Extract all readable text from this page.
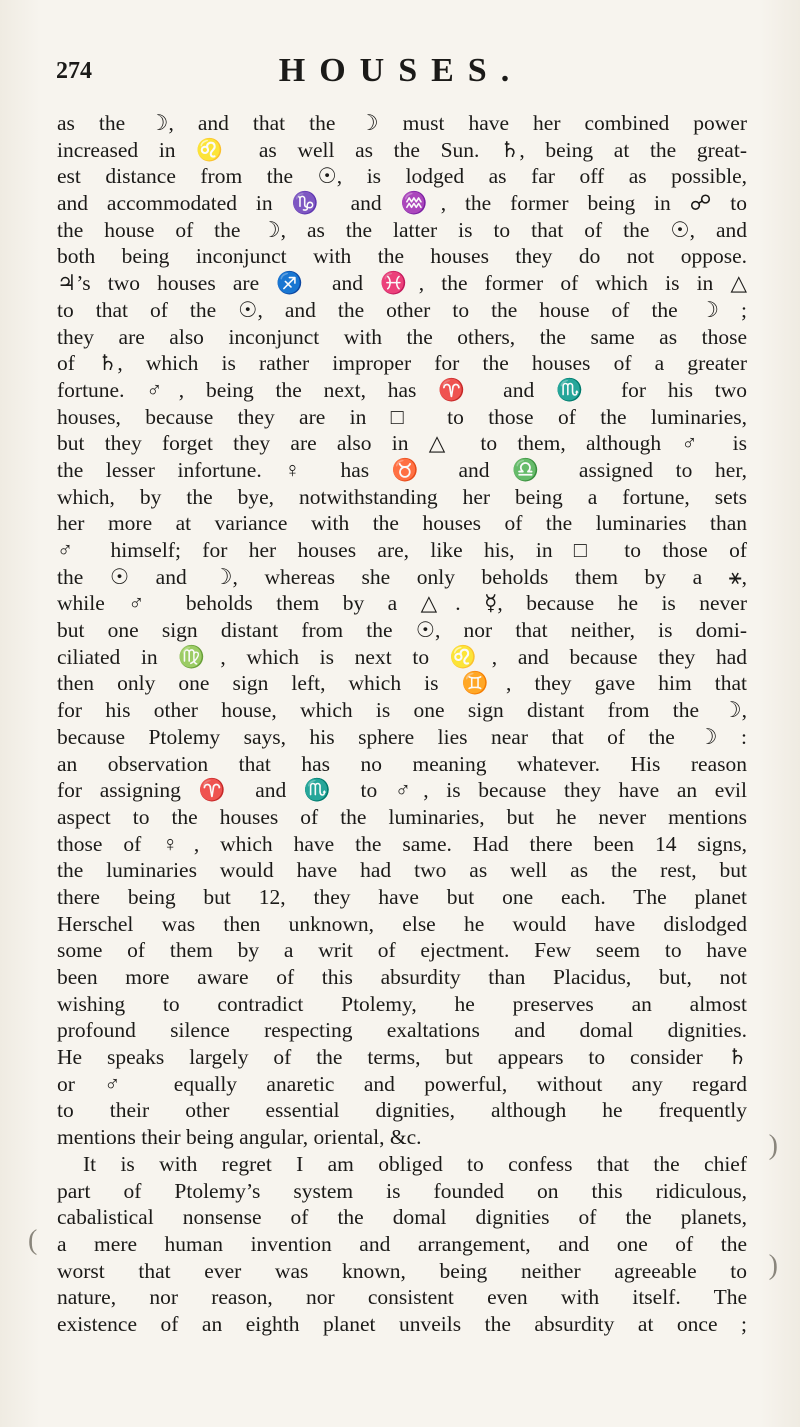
274	HOUSES.
as the ☽, and that the ☽ must have her combined power
increased in ♌ as well as the Sun. ♄, being at the great-
est distance from the ☉, is lodged as far off as possible,
and accommodated in ♑ and ♒, the former being in ☍ to
the house of the ☽, as the latter is to that of the ☉, and
both being inconjunct with the houses they do not oppose.
♃’s two houses are ♐ and ♓, the former of which is in △
to that of the ☉, and the other to the house of the ☽ ;
they are also inconjunct with the others, the same as those
of ♄, which is rather improper for the houses of a greater
fortune. ♂, being the next, has ♈ and ♏ for his two
houses, because they are in □ to those of the luminaries,
but they forget they are also in △ to them, although ♂ is
the lesser infortune. ♀ has ♉ and ♎ assigned to her,
which, by the bye, notwithstanding her being a fortune, sets
her more at variance with the houses of the luminaries than
♂ himself; for her houses are, like his, in □ to those of
the ☉ and ☽, whereas she only beholds them by a ⚹,
while ♂ beholds them by a △. ☿, because he is never
but one sign distant from the ☉, nor that neither, is domi-
ciliated in ♍, which is next to ♌, and because they had
then only one sign left, which is ♊, they gave him that
for his other house, which is one sign distant from the ☽,
because Ptolemy says, his sphere lies near that of the ☽ :
an observation that has no meaning whatever. His reason
for assigning ♈ and ♏ to ♂, is because they have an evil
aspect to the houses of the luminaries, but he never mentions
those of ♀, which have the same. Had there been 14 signs,
the luminaries would have had two as well as the rest, but
there being but 12, they have but one each. The planet
Herschel was then unknown, else he would have dislodged
some of them by a writ of ejectment. Few seem to have
been more aware of this absurdity than Placidus, but, not
wishing to contradict Ptolemy, he preserves an almost
profound silence respecting exaltations and domal dignities.
He speaks largely of the terms, but appears to consider ♄
or ♂ equally anaretic and powerful, without any regard
to their other essential dignities, although he frequently
mentions their being angular, oriental, &c.
It is with regret I am obliged to confess that the chief
part of Ptolemy’s system is founded on this ridiculous,
cabalistical nonsense of the domal dignities of the planets,
a mere human invention and arrangement, and one of the
worst that ever was known, being neither agreeable to
nature, nor reason, nor consistent even with itself. The
existence of an eighth planet unveils the absurdity at once ;
(
)
)
